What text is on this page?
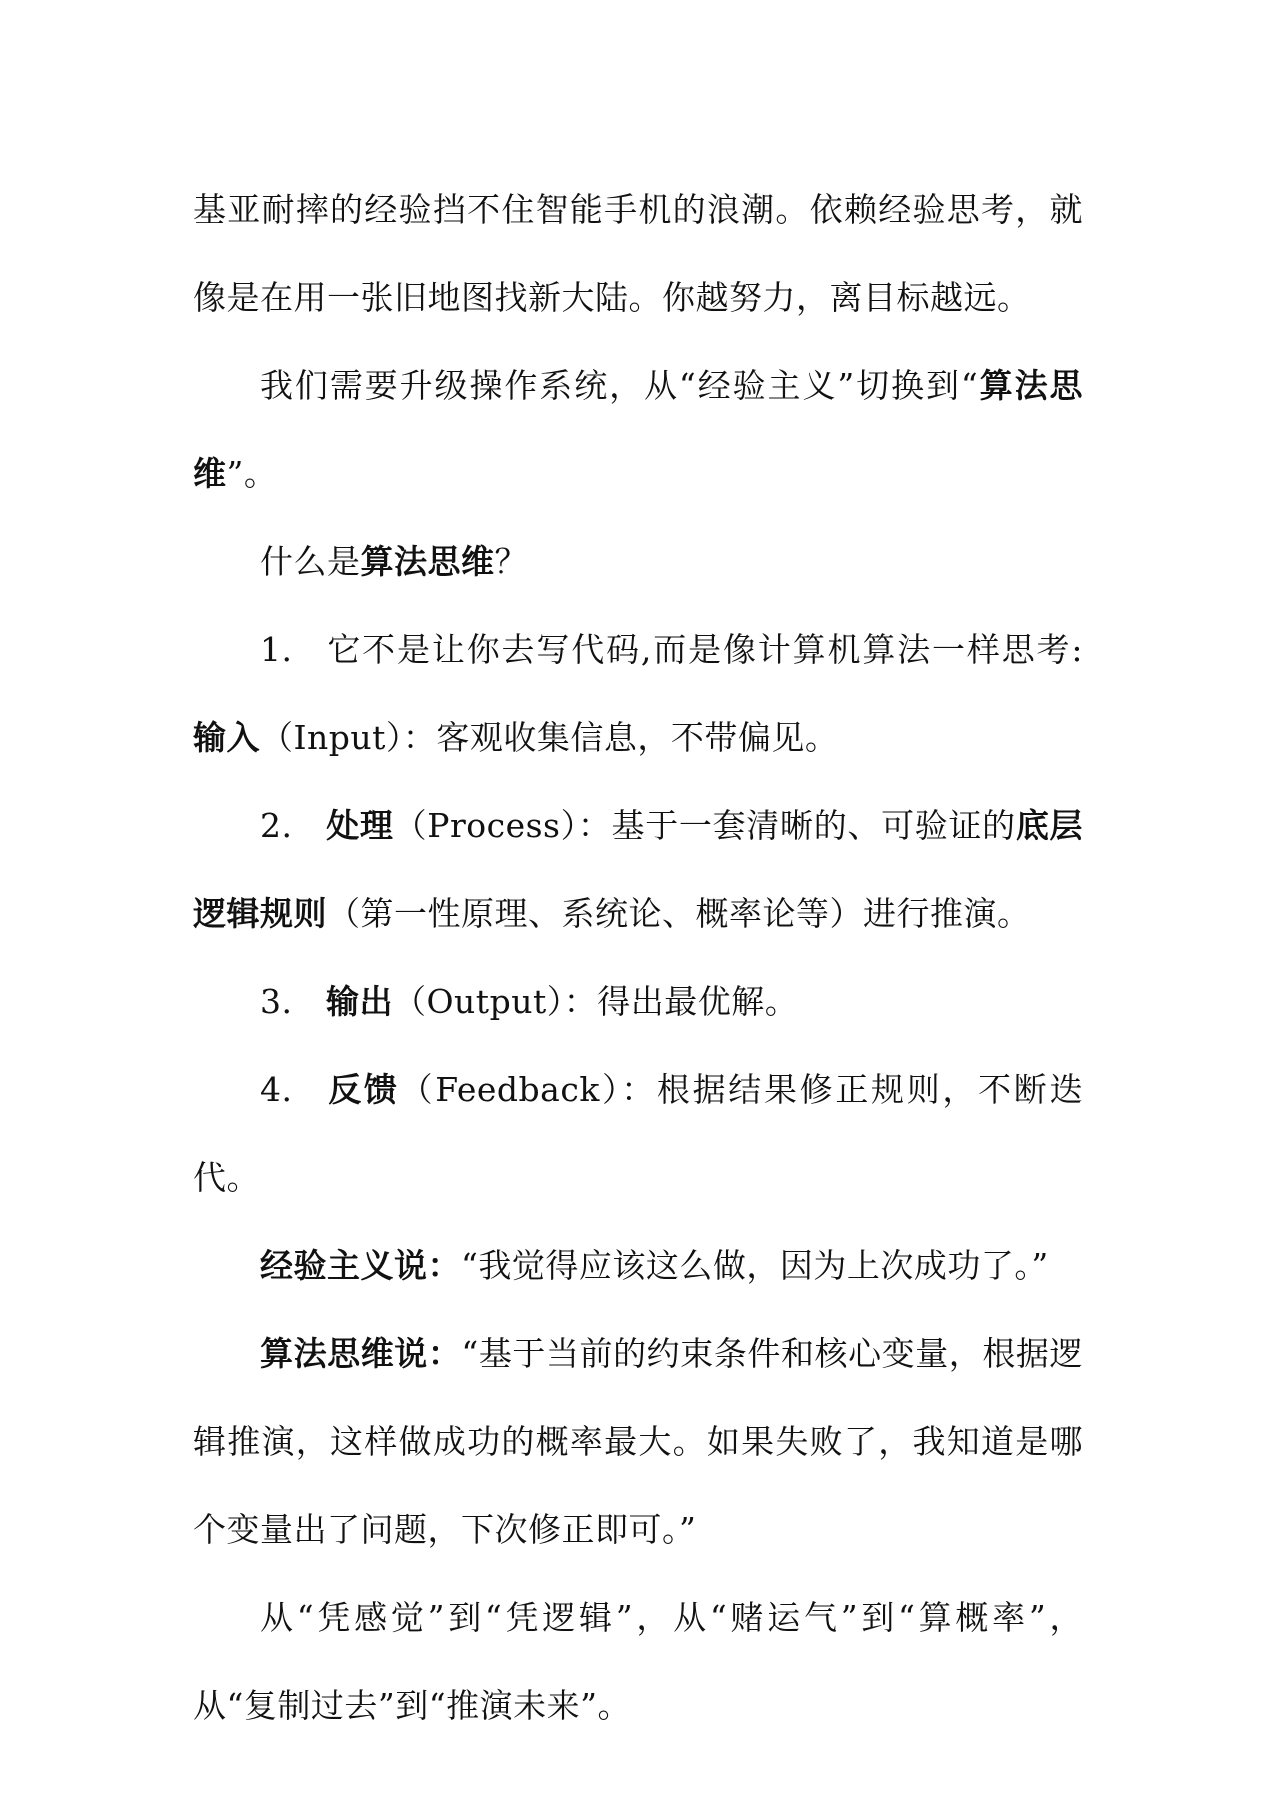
基亚耐摔的经验挡不住智能手机的浪潮。依赖经验思考，就像是在用一张旧地图找新大陆。你越努力，离目标越远。

我们需要升级操作系统，从“经验主义”切换到“算法思维”。

什么是算法思维？

1. 它不是让你去写代码,而是像计算机算法一样思考:输入（Input）：客观收集信息，不带偏见。

2. 处理（Process）：基于一套清晰的、可验证的底层逻辑规则（第一性原理、系统论、概率论等）进行推演。

3. 输出（Output）：得出最优解。

4. 反馈（Feedback）：根据结果修正规则，不断迭代。

经验主义说：“我觉得应该这么做，因为上次成功了。”

算法思维说：“基于当前的约束条件和核心变量，根据逻辑推演，这样做成功的概率最大。如果失败了，我知道是哪个变量出了问题，下次修正即可。”

从“凭感觉”到“凭逻辑”，从“赌运气”到“算概率”，从“复制过去”到“推演未来”。
